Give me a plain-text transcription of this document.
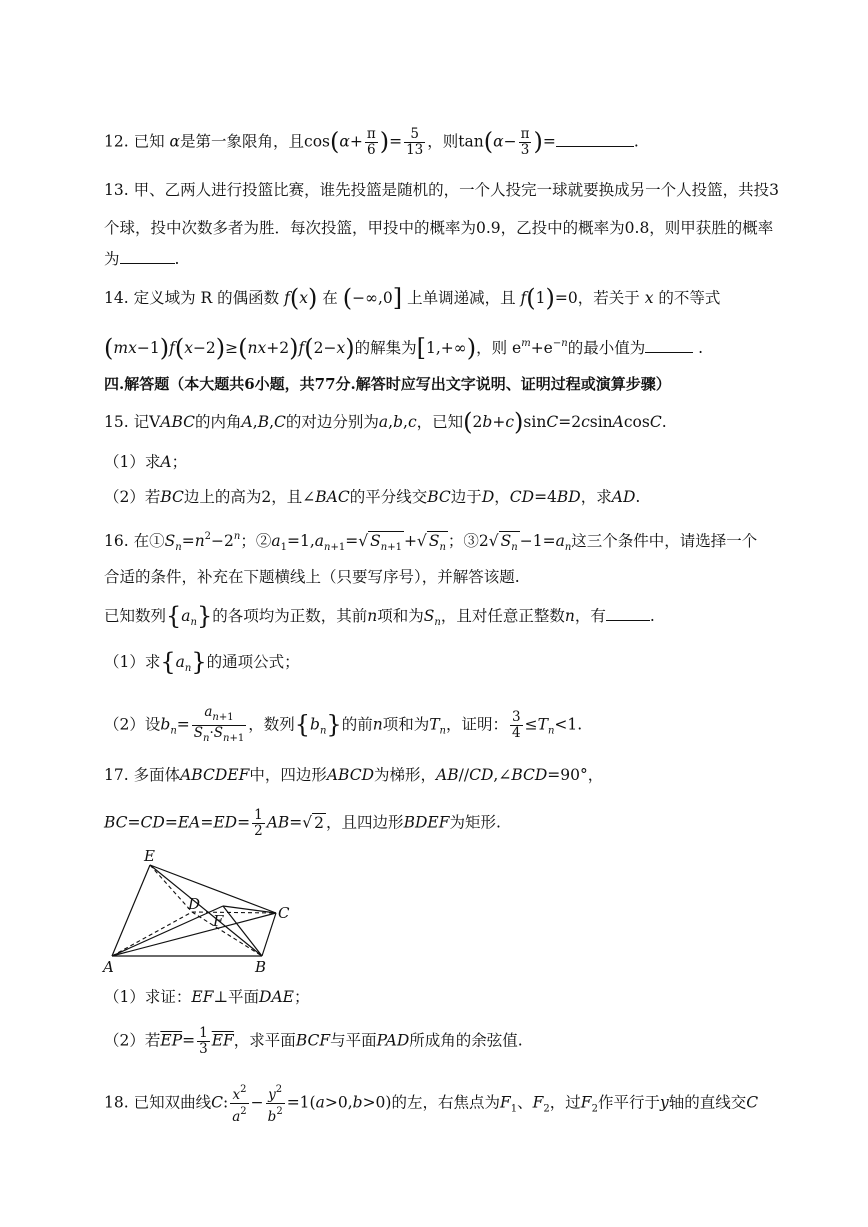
12. 已知 α是第一象限角，且$\cos(\alpha+ \frac{\pi}{6}$ )= $\frac{5}{13}$ ，则$\tan(\alpha- \frac{\pi}{3}$ )=	.
13. 甲、乙两人进行投篮比赛，谁先投篮是随机的，一个人投完一球就要换成另一个人投篮，共投3
个球，投中次数多者为胜．每次投篮，甲投中的概率为0.9，乙投中的概率为0.8，则甲获胜的概率
为	.
14. 定义域为 R 的偶函数 f(x) 在 (−∞,0] 上单调递减，且 f(1)=0，若关于 x 的不等式
(mx−1)f(x−2)≥(nx+2)f(2−x)的解集为[1,+∞)，则 $e^m+e^{-n}$的最小值为	.
四.解答题（本大题共6小题，共77分.解答时应写出文字说明、证明过程或演算步骤）
15. 记VABC的内角A,B,C的对边分别为a,b,c，已知(2b+c)sinC=2csinAcosC.
（1）求A；
（2）若BC边上的高为2，且∠BAC的平分线交BC边于D，CD=4BD，求AD.
16. 在$①S_n=n^2-2^n$；$②a_1=1,a_{n+1}=√$ $S_{n+1}$ +√ $S_n$ ；③2√ $S_n -1=a_n$这三个条件中，请选择一个
合适的条件，补充在下题横线上（只要写序号），并解答该题.
已知数列$\{a_n\}$的各项均为正数，其前n项和为$S_n$，且对任意正整数n，有	.
（1）求$\{a_n\}$的通项公式；
（2）设$b_n= \frac{a_{n+1}}{S_n\cdot S_{n+1}}$ ，数列$\{b_n\}$的前n项和为$T_n$，证明： $\frac{3}{4} \le T_n<1$.
17. 多面体ABCDEF中，四边形ABCD为梯形，AB//CD,∠BCD=90°，
$BC=CD=EA=ED= \frac{1}{2} AB=√$ 2 ，且四边形BDEF为矩形.
E
D
F	C
A	B
（1）求证：EF⊥平面DAE；
（2）若$\overline{EP}= \frac{1}{3} \overline{EF}$，求平面BCF与平面PAD所成角的余弦值.
18. 已知双曲线C: $\frac{x^2}{a^2} - \frac{y^2}{b^2} =1(a>0,b>0)$的左，右焦点为$F_1$、$F_2$，过$F_2$作平行于y轴的直线交C
